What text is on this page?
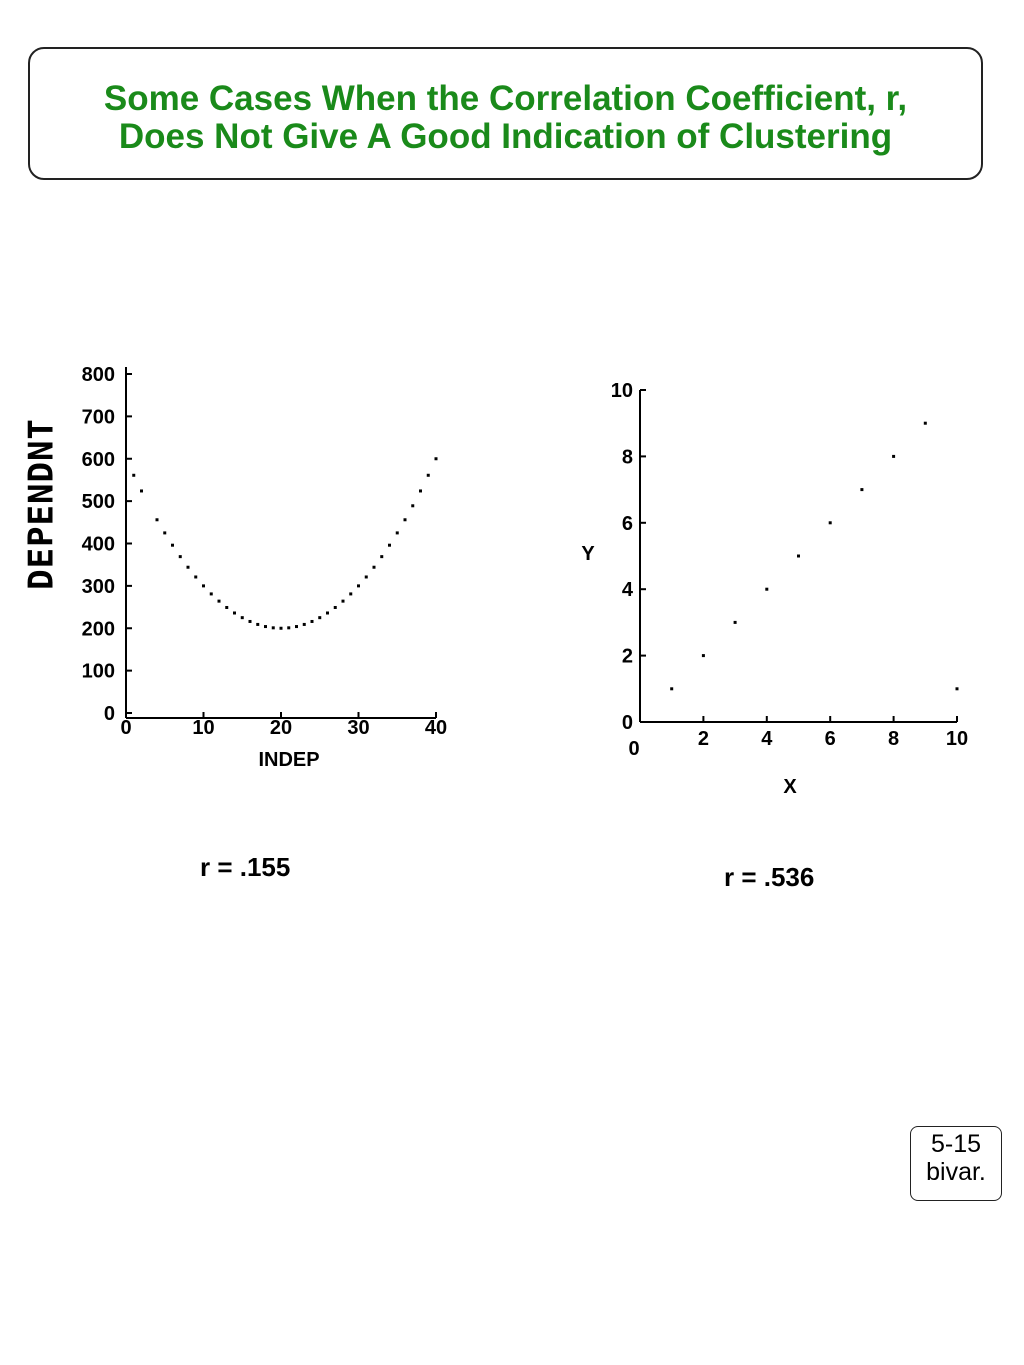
Some Cases When the Correlation Coefficient, r,
Does Not Give A Good Indication of Clustering
0
100
200
300
400
500
600
700
800
0	10	20	30	40
INDEP
DEPENDNT
0
2
4
6
8
10
0	2	4	6	8 10
X
Y
r = .155	r = .536
5-15
bivar.
